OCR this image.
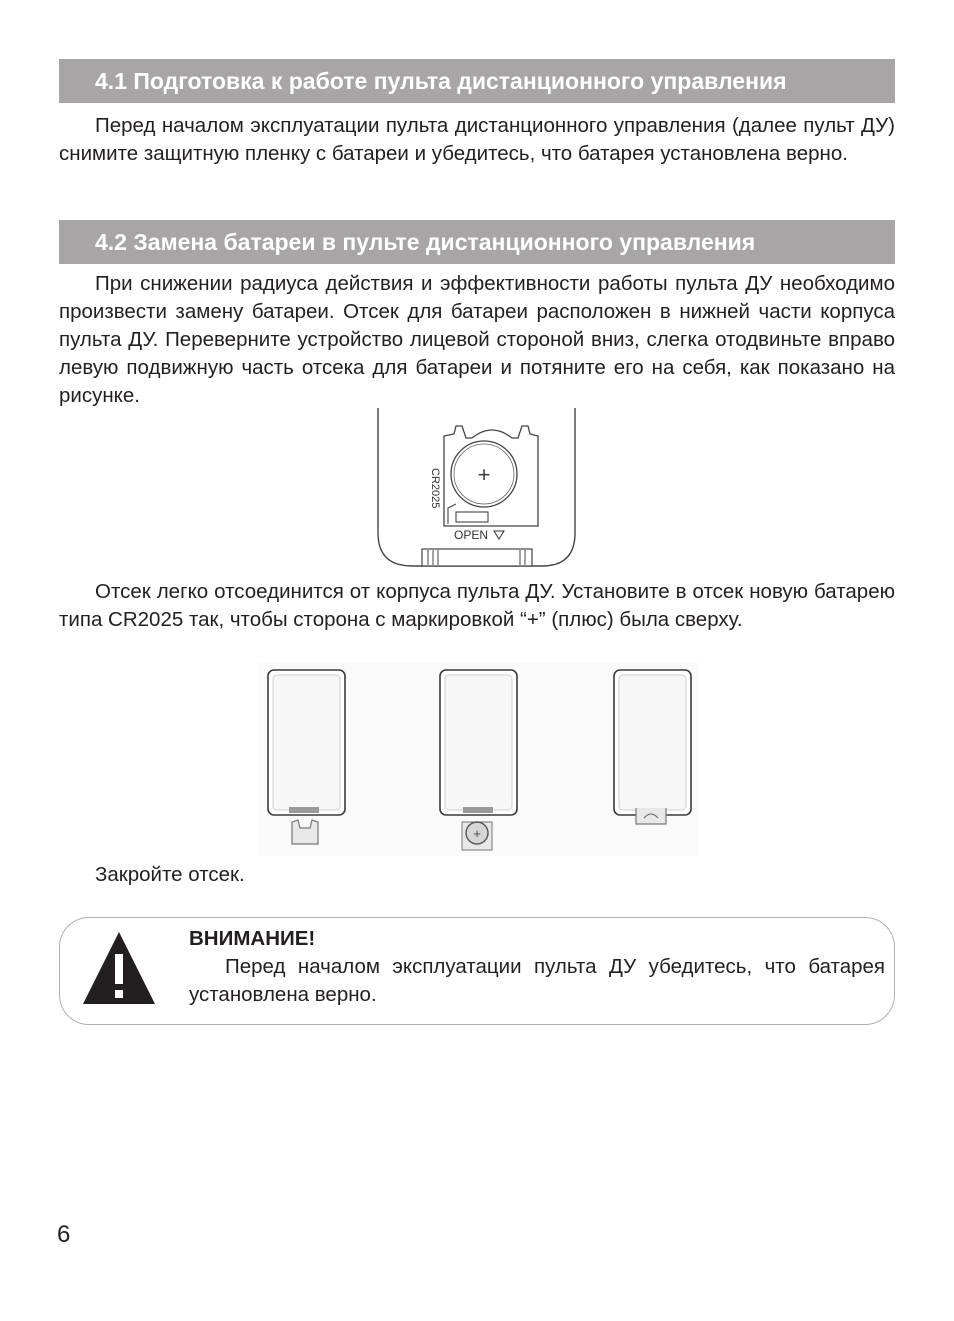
4.1 Подготовка к работе пульта дистанционного управления

Перед началом эксплуатации пульта дистанционного управления (далее пульт ДУ) снимите защитную пленку с батареи и убедитесь, что батарея установлена верно.

4.2 Замена батареи в пульте дистанционного управления

При снижении радиуса действия и эффективности работы пульта ДУ необходимо произвести замену батареи. Отсек для батареи расположен в нижней части корпуса пульта ДУ. Переверните устройство лицевой стороной вниз, слегка отодвиньте вправо левую подвижную часть отсека для батареи и потяните его на себя, как показано на рисунке.

+
CR2025
OPEN

Отсек легко отсоединится от корпуса пульта ДУ. Установите в отсек новую батарею типа CR2025 так, чтобы сторона с маркировкой “+” (плюс) была сверху.

+

Закройте отсек.

ВНИМАНИЕ!

Перед началом эксплуатации пульта ДУ убедитесь, что батарея установлена верно.

6
